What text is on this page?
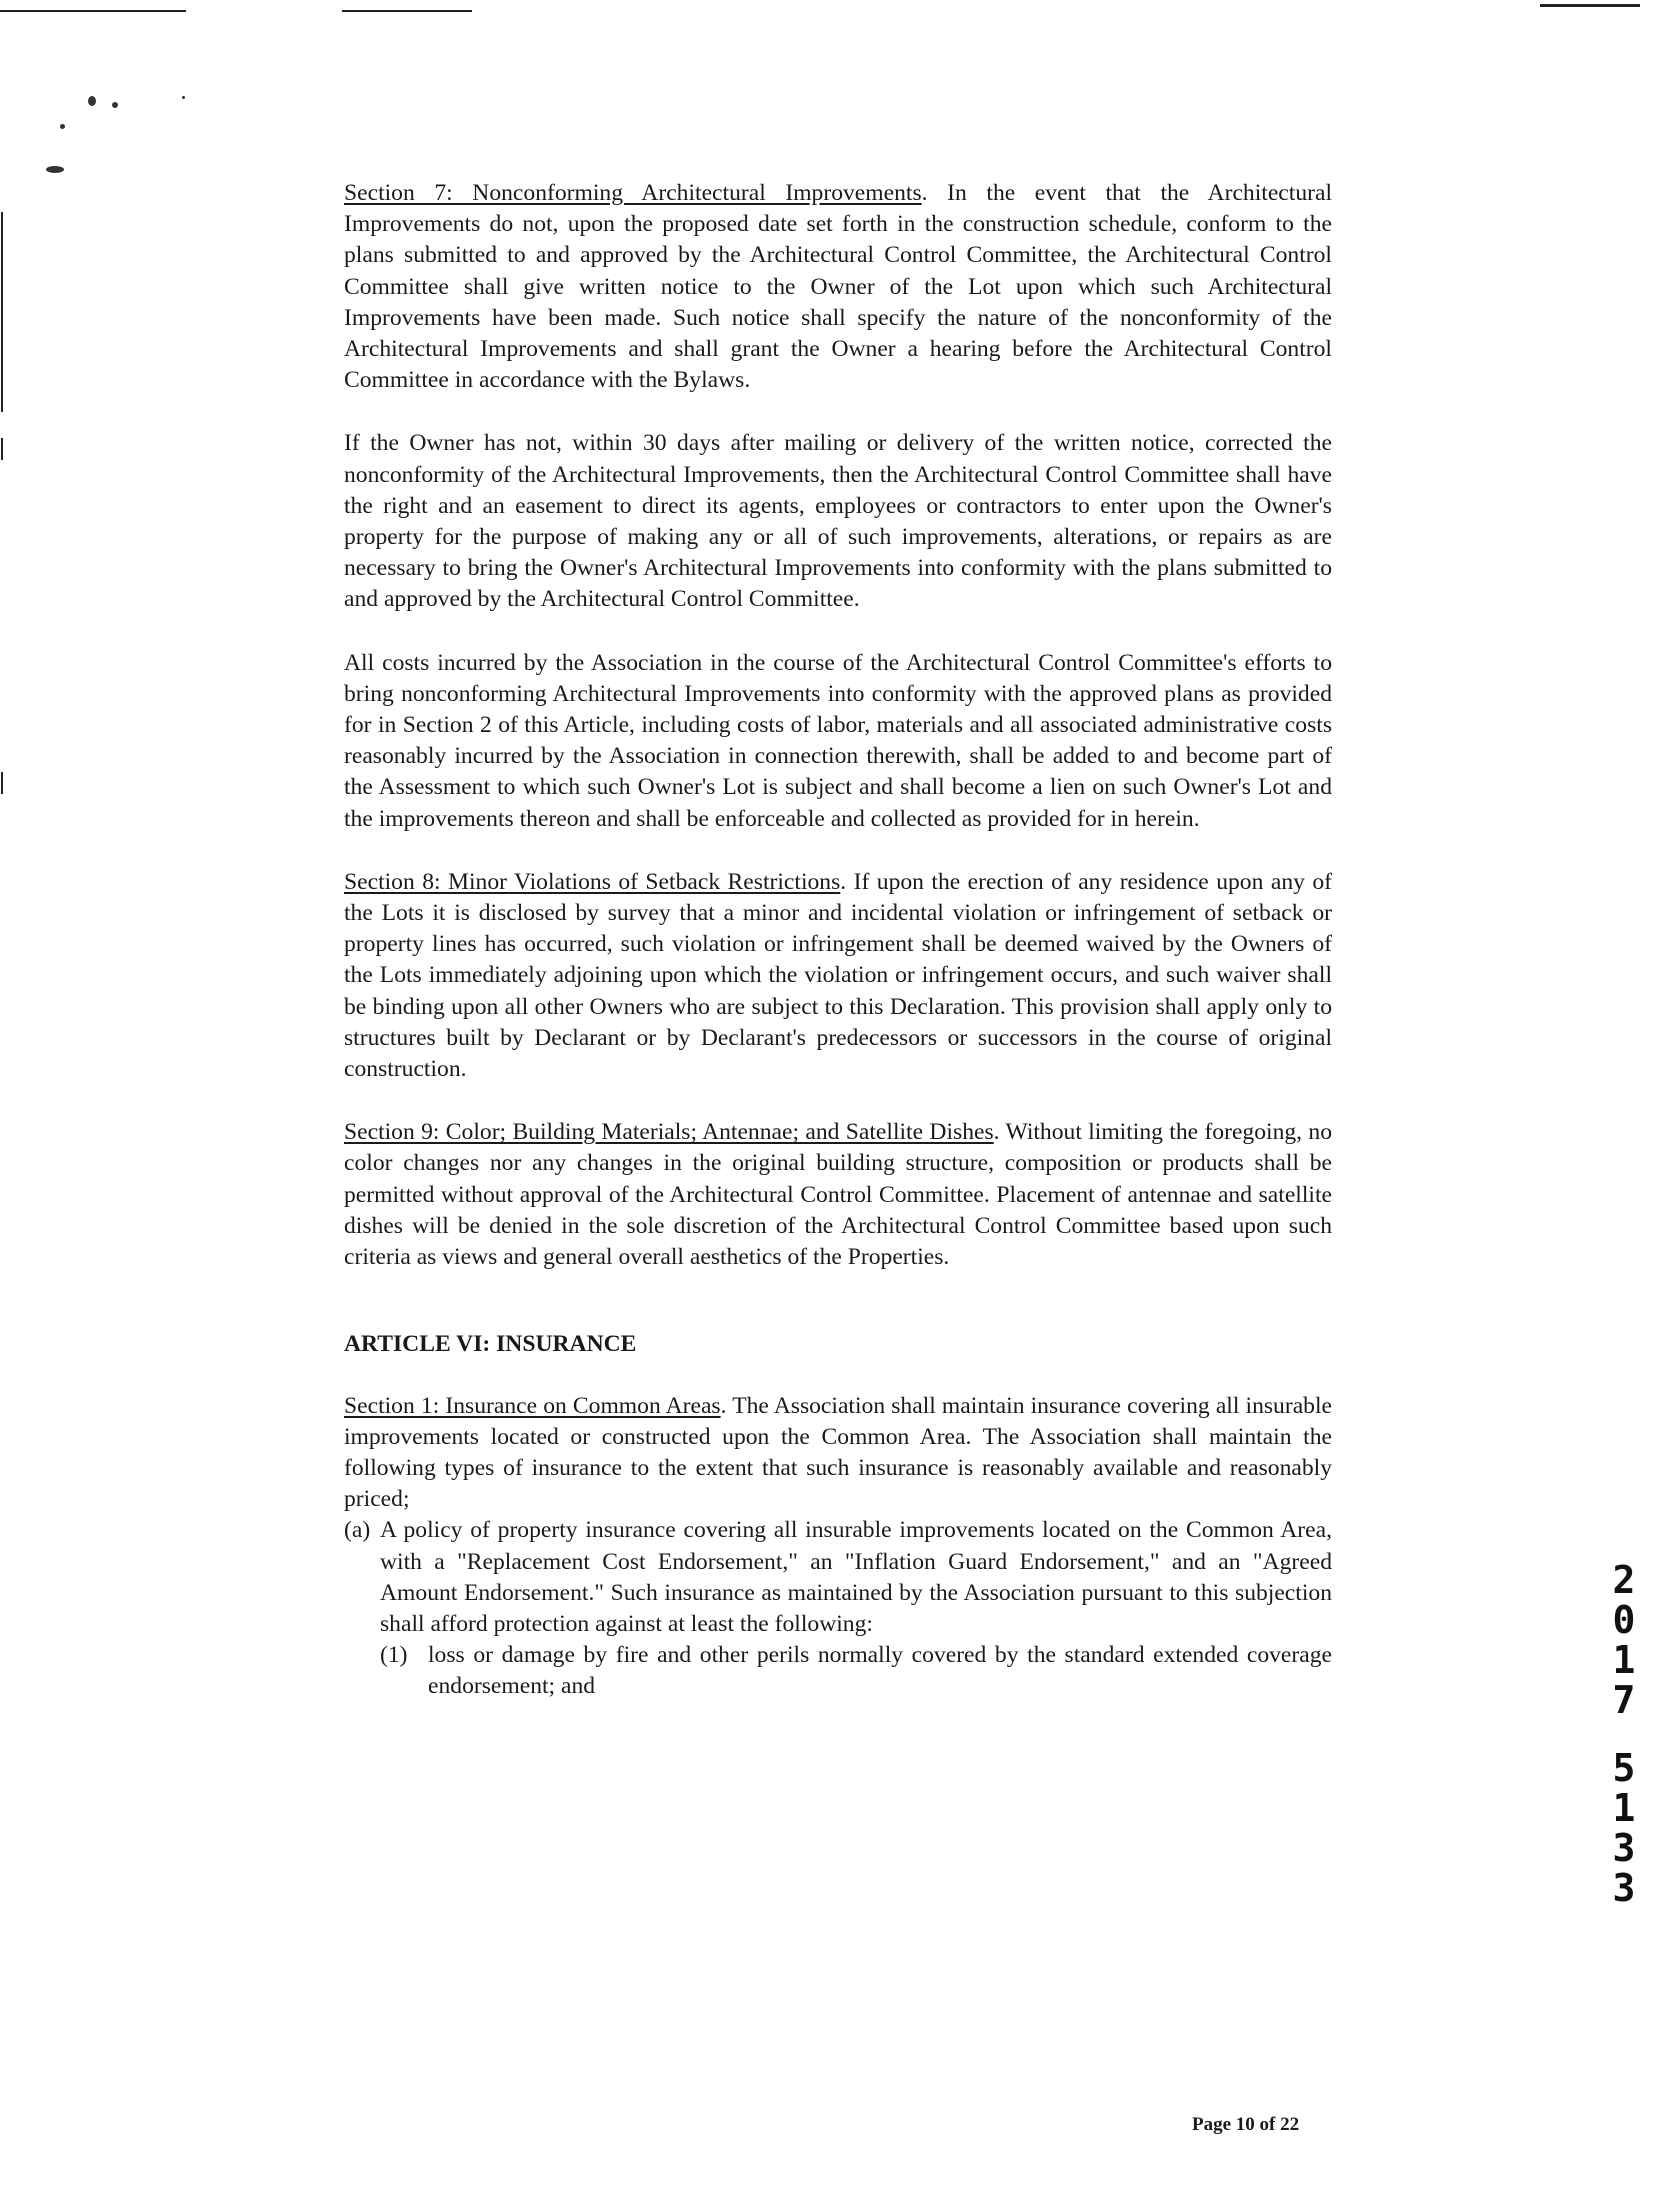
Section 7: Nonconforming Architectural Improvements. In the event that the Architectural Improvements do not, upon the proposed date set forth in the construction schedule, conform to the plans submitted to and approved by the Architectural Control Committee, the Architectural Control Committee shall give written notice to the Owner of the Lot upon which such Architectural Improvements have been made. Such notice shall specify the nature of the nonconformity of the Architectural Improvements and shall grant the Owner a hearing before the Architectural Control Committee in accordance with the Bylaws.

If the Owner has not, within 30 days after mailing or delivery of the written notice, corrected the nonconformity of the Architectural Improvements, then the Architectural Control Committee shall have the right and an easement to direct its agents, employees or contractors to enter upon the Owner's property for the purpose of making any or all of such improvements, alterations, or repairs as are necessary to bring the Owner's Architectural Improvements into conformity with the plans submitted to and approved by the Architectural Control Committee.

All costs incurred by the Association in the course of the Architectural Control Committee's efforts to bring nonconforming Architectural Improvements into conformity with the approved plans as provided for in Section 2 of this Article, including costs of labor, materials and all associated administrative costs reasonably incurred by the Association in connection therewith, shall be added to and become part of the Assessment to which such Owner's Lot is subject and shall become a lien on such Owner's Lot and the improvements thereon and shall be enforceable and collected as provided for in herein.

Section 8: Minor Violations of Setback Restrictions. If upon the erection of any residence upon any of the Lots it is disclosed by survey that a minor and incidental violation or infringement of setback or property lines has occurred, such violation or infringement shall be deemed waived by the Owners of the Lots immediately adjoining upon which the violation or infringement occurs, and such waiver shall be binding upon all other Owners who are subject to this Declaration. This provision shall apply only to structures built by Declarant or by Declarant's predecessors or successors in the course of original construction.

Section 9: Color; Building Materials; Antennae; and Satellite Dishes. Without limiting the foregoing, no color changes nor any changes in the original building structure, composition or products shall be permitted without approval of the Architectural Control Committee. Placement of antennae and satellite dishes will be denied in the sole discretion of the Architectural Control Committee based upon such criteria as views and general overall aesthetics of the Properties.

ARTICLE VI: INSURANCE

Section 1: Insurance on Common Areas. The Association shall maintain insurance covering all insurable improvements located or constructed upon the Common Area. The Association shall maintain the following types of insurance to the extent that such insurance is reasonably available and reasonably priced;

(a) A policy of property insurance covering all insurable improvements located on the Common Area, with a "Replacement Cost Endorsement," an "Inflation Guard Endorsement," and an "Agreed Amount Endorsement." Such insurance as maintained by the Association pursuant to this subjection shall afford protection against at least the following:
(1) loss or damage by fire and other perils normally covered by the standard extended coverage endorsement; and
2
0
1
7
5
1
3
3
Page 10 of 22
